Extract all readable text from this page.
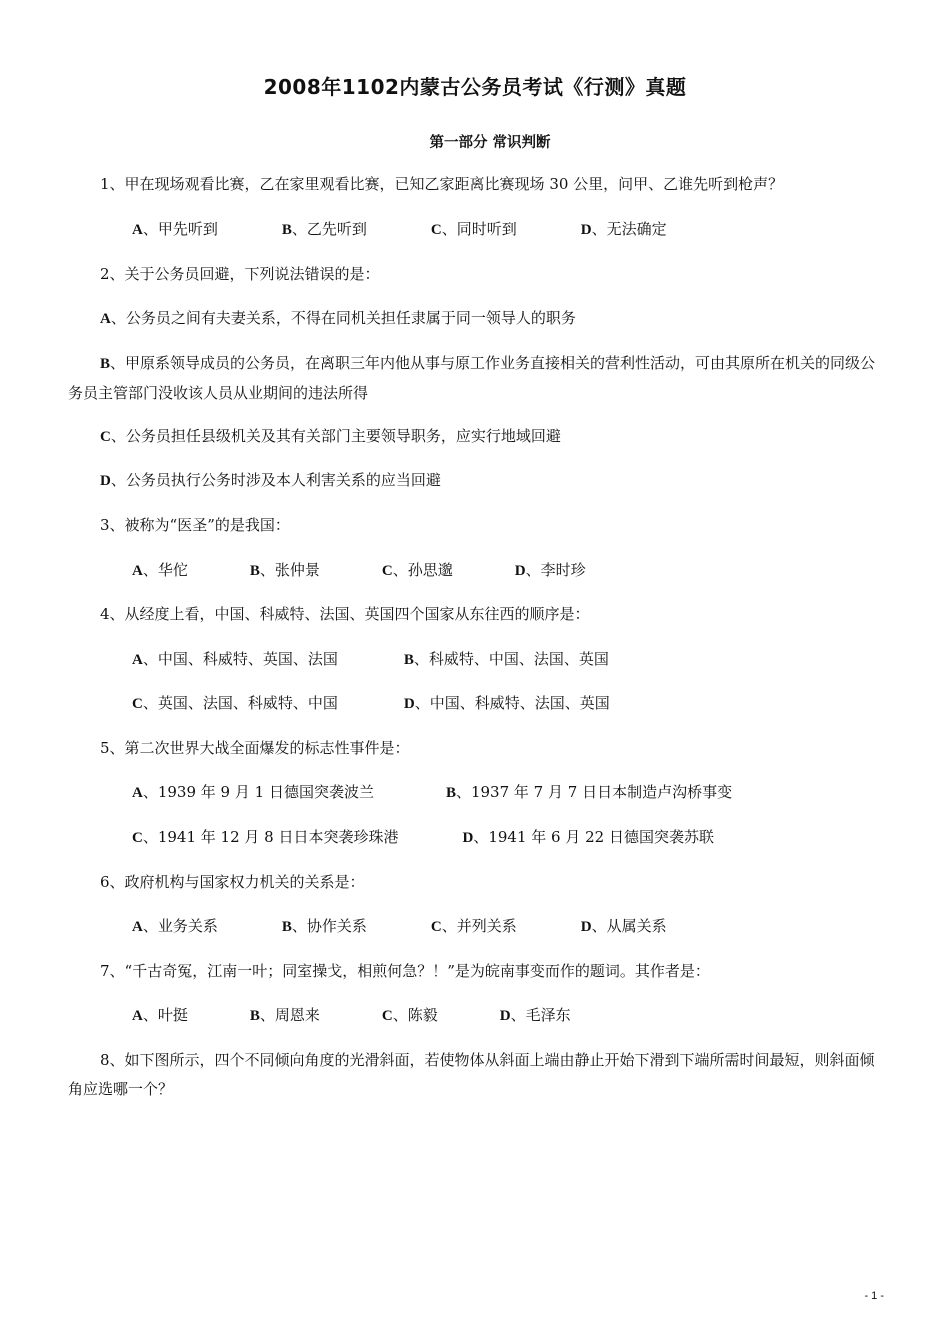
2008年1102内蒙古公务员考试《行测》真题
第一部分 常识判断

1、甲在现场观看比赛，乙在家里观看比赛，已知乙家距离比赛现场 30 公里，问甲、乙谁先听到枪声？

A、甲先听到	B、乙先听到	C、同时听到	D、无法确定

2、关于公务员回避，下列说法错误的是：

A、公务员之间有夫妻关系，不得在同机关担任隶属于同一领导人的职务

B、甲原系领导成员的公务员，在离职三年内他从事与原工作业务直接相关的营利性活动，可由其原所在机关的同级公务员主管部门没收该人员从业期间的违法所得

C、公务员担任县级机关及其有关部门主要领导职务，应实行地域回避

D、公务员执行公务时涉及本人利害关系的应当回避

3、被称为“医圣”的是我国：

A、华佗	B、张仲景	C、孙思邈	D、李时珍

4、从经度上看，中国、科威特、法国、英国四个国家从东往西的顺序是：

A、中国、科威特、英国、法国	B、科威特、中国、法国、英国

C、英国、法国、科威特、中国	D、中国、科威特、法国、英国

5、第二次世界大战全面爆发的标志性事件是：

A、1939 年 9 月 1 日德国突袭波兰	B、1937 年 7 月 7 日日本制造卢沟桥事变

C、1941 年 12 月 8 日日本突袭珍珠港	D、1941 年 6 月 22 日德国突袭苏联

6、政府机构与国家权力机关的关系是：

A、业务关系	B、协作关系	C、并列关系	D、从属关系

7、“千古奇冤，江南一叶；同室操戈，相煎何急？！”是为皖南事变而作的题词。其作者是：

A、叶挺	B、周恩来	C、陈毅	D、毛泽东

8、如下图所示，四个不同倾向角度的光滑斜面，若使物体从斜面上端由静止开始下滑到下端所需时间最短，则斜面倾角应选哪一个？

- 1 -
